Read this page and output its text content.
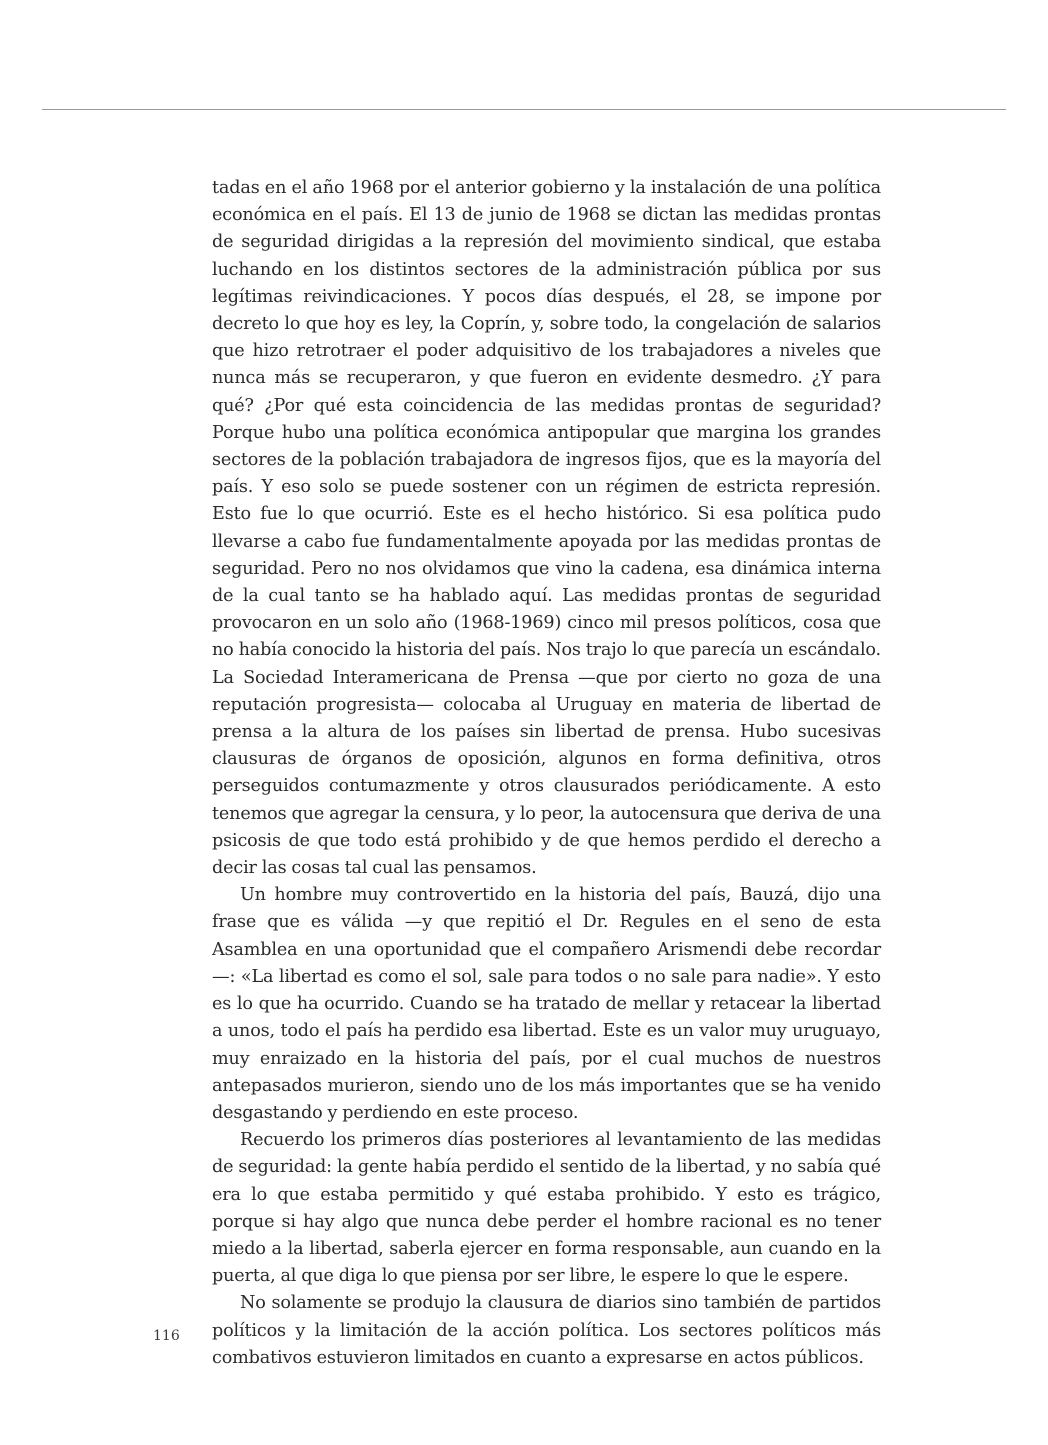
tadas en el año 1968 por el anterior gobierno y la instalación de una política económica en el país. El 13 de junio de 1968 se dictan las medidas prontas de seguridad dirigidas a la represión del movimiento sindical, que estaba luchando en los distintos sectores de la administración pública por sus legítimas reivindicaciones. Y pocos días después, el 28, se impone por decreto lo que hoy es ley, la Coprín, y, sobre todo, la congelación de salarios que hizo retrotraer el poder adquisitivo de los trabajadores a niveles que nunca más se recuperaron, y que fueron en evidente desmedro. ¿Y para qué? ¿Por qué esta coincidencia de las medidas prontas de seguridad? Porque hubo una política económica antipopular que margina los grandes sectores de la población trabajadora de ingresos fijos, que es la mayoría del país. Y eso solo se puede sostener con un régimen de estricta represión. Esto fue lo que ocurrió. Este es el hecho histórico. Si esa política pudo llevarse a cabo fue fundamentalmente apoyada por las medidas prontas de seguridad. Pero no nos olvidamos que vino la cadena, esa dinámica interna de la cual tanto se ha hablado aquí. Las medidas prontas de seguridad provocaron en un solo año (1968-1969) cinco mil presos políticos, cosa que no había conocido la historia del país. Nos trajo lo que parecía un escándalo. La Sociedad Interamericana de Prensa —que por cierto no goza de una reputación progresista— colocaba al Uruguay en materia de libertad de prensa a la altura de los países sin libertad de prensa. Hubo sucesivas clausuras de órganos de oposición, algunos en forma definitiva, otros perseguidos contumazmente y otros clausurados periódicamente. A esto tenemos que agregar la censura, y lo peor, la autocensura que deriva de una psicosis de que todo está prohibido y de que hemos perdido el derecho a decir las cosas tal cual las pensamos.

Un hombre muy controvertido en la historia del país, Bauzá, dijo una frase que es válida —y que repitió el Dr. Regules en el seno de esta Asamblea en una oportunidad que el compañero Arismendi debe recordar—: «La libertad es como el sol, sale para todos o no sale para nadie». Y esto es lo que ha ocurrido. Cuando se ha tratado de mellar y retacear la libertad a unos, todo el país ha perdido esa libertad. Este es un valor muy uruguayo, muy enraizado en la historia del país, por el cual muchos de nuestros antepasados murieron, siendo uno de los más importantes que se ha venido desgastando y perdiendo en este proceso.

Recuerdo los primeros días posteriores al levantamiento de las medidas de seguridad: la gente había perdido el sentido de la libertad, y no sabía qué era lo que estaba permitido y qué estaba prohibido. Y esto es trágico, porque si hay algo que nunca debe perder el hombre racional es no tener miedo a la libertad, saberla ejercer en forma responsable, aun cuando en la puerta, al que diga lo que piensa por ser libre, le espere lo que le espere.

No solamente se produjo la clausura de diarios sino también de partidos políticos y la limitación de la acción política. Los sectores políticos más combativos estuvieron limitados en cuanto a expresarse en actos públicos.

116
